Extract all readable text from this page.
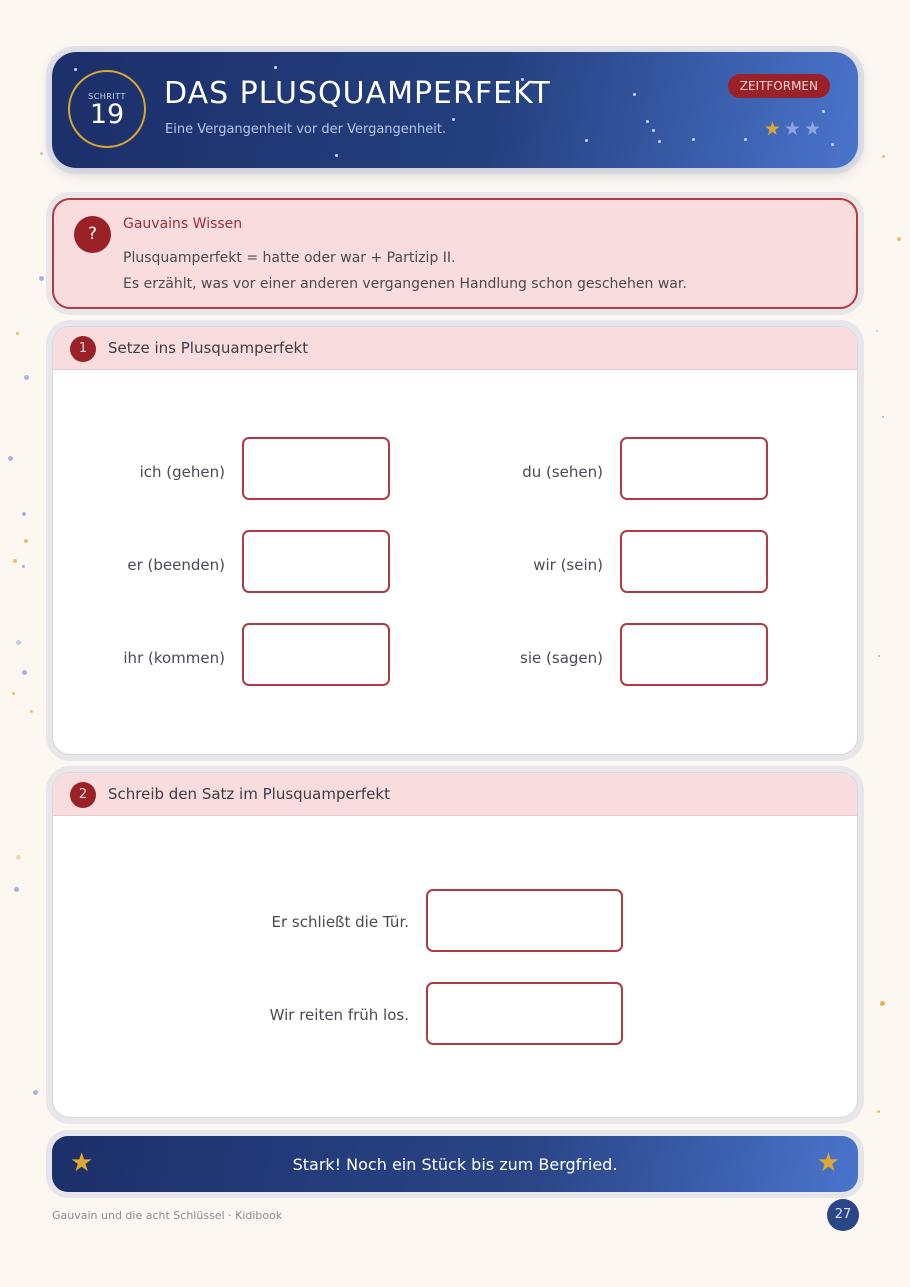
SCHRITT
19
DAS PLUSQUAMPERFEKT
Eine Vergangenheit vor der Vergangenheit.
ZEITFORMEN
★★★
?	Gauvains Wissen
Plusquamperfekt = hatte oder war + Partizip II.
Es erzählt, was vor einer anderen vergangenen Handlung schon geschehen war.
1	Setze ins Plusquamperfekt
ich (gehen)	du (sehen)
er (beenden)	wir (sein)
ihr (kommen)	sie (sagen)
2	Schreib den Satz im Plusquamperfekt
Er schließt die Tür.
Wir reiten früh los.
★	Stark! Noch ein Stück bis zum Bergfried.	★
Gauvain und die acht Schlüssel · Kidibook	27
